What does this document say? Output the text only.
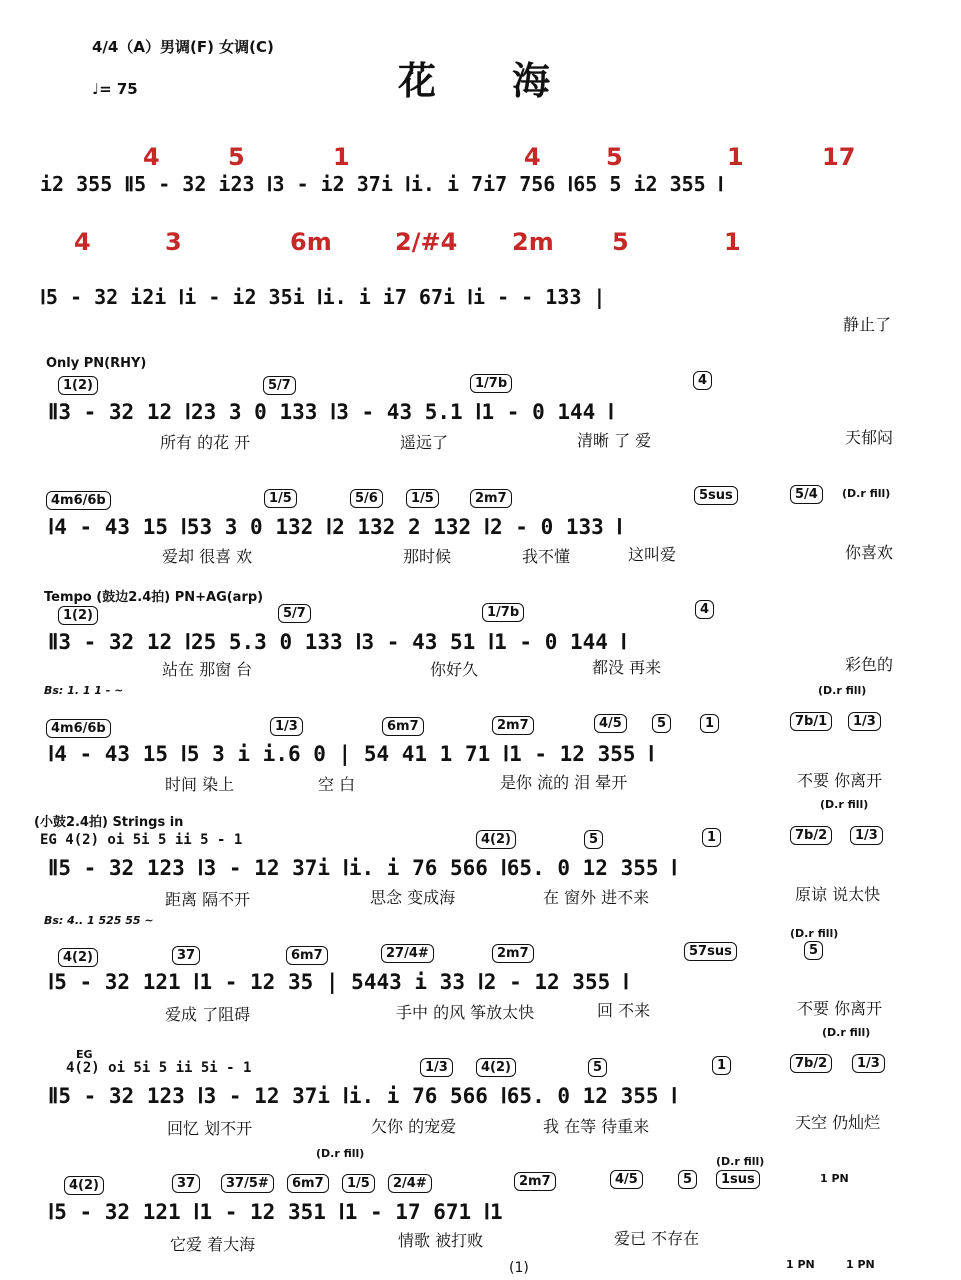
4/4（A）男调(F) 女调(C)
♩= 75	花　　海
4	5	1	4	5	1	17
i2 355 Ⅱ5 - 32 i23 Ⅰ3 - i2 37i Ⅰi. i 7i7 756 Ⅰ65 5 i2 355 Ⅰ
4	3	6m	2/#4 2m 5	1
Ⅰ5 - 32 i2i Ⅰi - i2 35i Ⅰi. i i7 67i Ⅰi - - 133 |
静止了
Only PN(RHY)
1(2)	5/7	1/7b	4
Ⅱ3 - 32 12 Ⅰ23 3 0 133 Ⅰ3 - 43 5.1 Ⅰ1 - 0 144 Ⅰ
所有 的花 开	遥远了	清晰 了 爱	天郁闷
4m6/6b	1/5	5/6	1/5	2m7	5sus	5/4	(D.r fill)
Ⅰ4 - 43 15 Ⅰ53 3 0 132 Ⅰ2 132 2 132 Ⅰ2 - 0 133 Ⅰ
爱却 很喜 欢	那时候	我不懂	这叫爱	你喜欢
Tempo (鼓边2.4拍) PN+AG(arp)
1(2)	5/7	1/7b	4
Ⅱ3 - 32 12 Ⅰ25 5.3 0 133 Ⅰ3 - 43 51 Ⅰ1 - 0 144 Ⅰ
站在 那窗 台	你好久	都没 再来	彩色的
Bs: 1. 1 1 - ~	(D.r fill)
4m6/6b	1/3	6m7	2m7	4/5	5	1	7b/1	1/3
Ⅰ4 - 43 15 Ⅰ5 3 i i.6 0 | 54 41 1 71 Ⅰ1 - 12 355 Ⅰ
时间 染上	空 白	是你 流的 泪 晕开	不要 你离开
(小鼓2.4拍) Strings in
(D.r fill)
EG 4(2) oi 5i 5 ii 5 - 1	4(2)	5	1	7b/2	1/3
Ⅱ5 - 32 123 Ⅰ3 - 12 37i Ⅰi. i 76 566 Ⅰ65. 0 12 355 Ⅰ
距离 隔不开	思念 变成海	在 窗外 进不来	原谅 说太快
Bs: 4.. 1 525 55 ~
(D.r fill)
4(2)	37	6m7	27/4#	2m7	57sus	5
Ⅰ5 - 32 121 Ⅰ1 - 12 35 | 5443 i 33 Ⅰ2 - 12 355 Ⅰ
爱成 了阻碍	手中 的风 筝放太快	回 不来	不要 你离开
EG
(D.r fill)
4(2) oi 5i 5 ii 5i - 1	1/3	4(2)	5	1	7b/2	1/3
Ⅱ5 - 32 123 Ⅰ3 - 12 37i Ⅰi. i 76 566 Ⅰ65. 0 12 355 Ⅰ
回忆 划不开	欠你 的宠爱	我 在等 待重来	天空 仍灿烂
(D.r fill)
(D.r fill)
4(2)	37	37/5#	6m7	1/5	2/4#	2m7	4/5	5	1sus	1 PN
Ⅰ5 - 32 121 Ⅰ1 - 12 351 Ⅰ1 - 17 671 Ⅰ1
它爱 着大海	情歌 被打败	爱已 不存在
1 PN	1 PN
(1)
